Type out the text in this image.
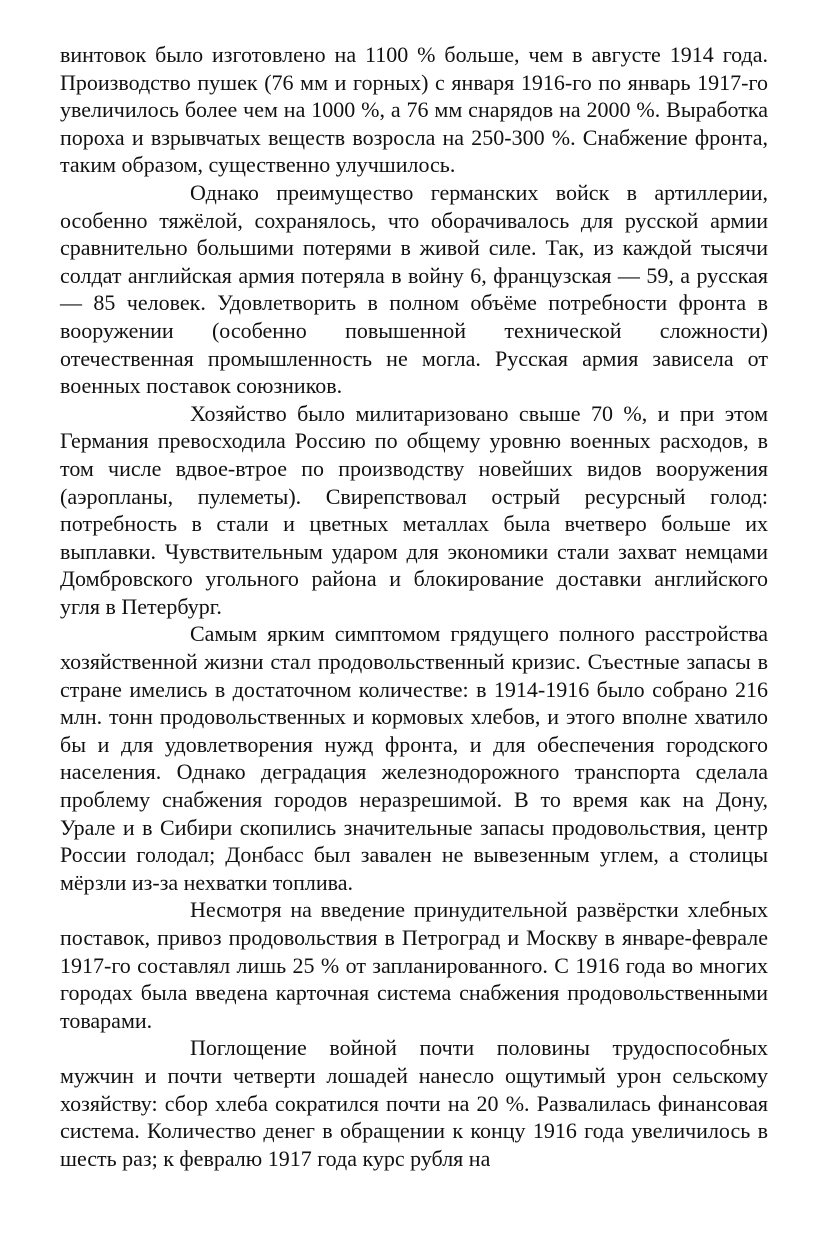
винтовок было изготовлено на 1100 % больше, чем в августе 1914 года. Производство пушек (76 мм и горных) с января 1916-го по январь 1917-го увеличилось более чем на 1000 %, а 76 мм снарядов на 2000 %. Выработка пороха и взрывчатых веществ возросла на 250-300 %. Снабжение фронта, таким образом, существенно улучшилось.

Однако преимущество германских войск в артиллерии, особенно тяжёлой, сохранялось, что оборачивалось для русской армии сравнительно большими потерями в живой силе. Так, из каждой тысячи солдат английская армия потеряла в войну 6, французская — 59, а русская — 85 человек. Удовлетворить в полном объёме потребности фронта в вооружении (особенно повышенной технической сложности) отечественная промышленность не могла. Русская армия зависела от военных поставок союзников.

Хозяйство было милитаризовано свыше 70 %, и при этом Германия превосходила Россию по общему уровню военных расходов, в том числе вдвое-втрое по производству новейших видов вооружения (аэропланы, пулеметы). Свирепствовал острый ресурсный голод: потребность в стали и цветных металлах была вчетверо больше их выплавки. Чувствительным ударом для экономики стали захват немцами Домбровского угольного района и блокирование доставки английского угля в Петербург.

Самым ярким симптомом грядущего полного расстройства хозяйственной жизни стал продовольственный кризис. Съестные запасы в стране имелись в достаточном количестве: в 1914-1916 было собрано 216 млн. тонн продовольственных и кормовых хлебов, и этого вполне хватило бы и для удовлетворения нужд фронта, и для обеспечения городского населения. Однако деградация железнодорожного транспорта сделала проблему снабжения городов неразрешимой. В то время как на Дону, Урале и в Сибири скопились значительные запасы продовольствия, центр России голодал; Донбасс был завален не вывезенным углем, а столицы мёрзли из-за нехватки топлива.

Несмотря на введение принудительной развёрстки хлебных поставок, привоз продовольствия в Петроград и Москву в январе-феврале 1917-го составлял лишь 25 % от запланированного. С 1916 года во многих городах была введена карточная система снабжения продовольственными товарами.

Поглощение войной почти половины трудоспособных мужчин и почти четверти лошадей нанесло ощутимый урон сельскому хозяйству: сбор хлеба сократился почти на 20 %. Развалилась финансовая система. Количество денег в обращении к концу 1916 года увеличилось в шесть раз; к февралю 1917 года курс рубля на
